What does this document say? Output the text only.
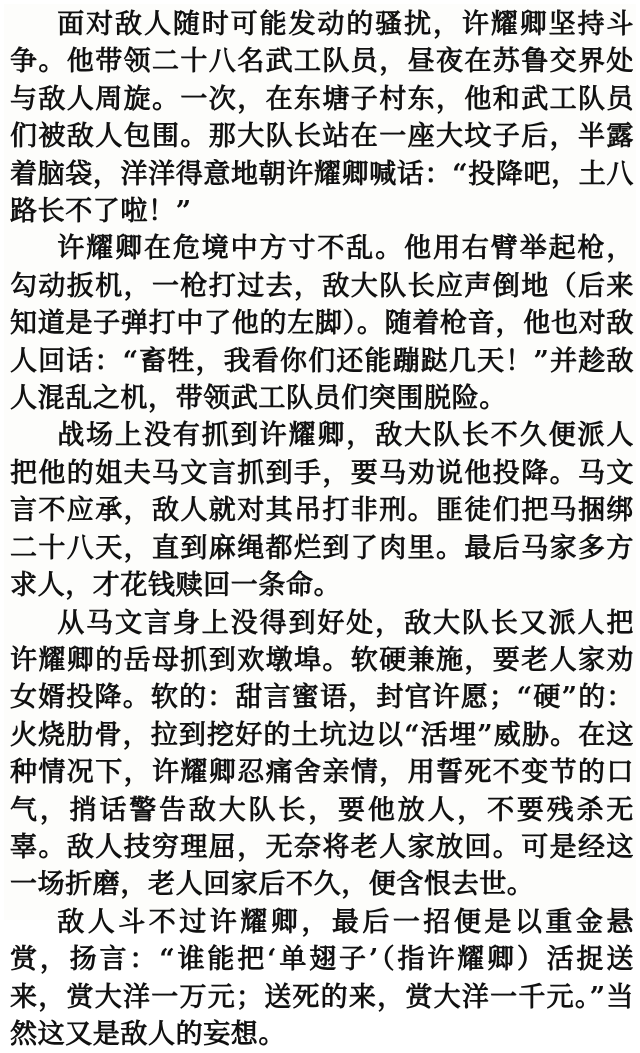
面对敌人随时可能发动的骚扰，许耀卿坚持斗争。他带领二十八名武工队员，昼夜在苏鲁交界处与敌人周旋。一次，在东塘子村东，他和武工队员们被敌人包围。那大队长站在一座大坟子后，半露着脑袋，洋洋得意地朝许耀卿喊话：“投降吧，土八路长不了啦！”

许耀卿在危境中方寸不乱。他用右臂举起枪，勾动扳机，一枪打过去，敌大队长应声倒地（后来知道是子弹打中了他的左脚）。随着枪音，他也对敌人回话：“畜牲，我看你们还能蹦跶几天！”并趁敌人混乱之机，带领武工队员们突围脱险。

战场上没有抓到许耀卿，敌大队长不久便派人把他的姐夫马文言抓到手，要马劝说他投降。马文言不应承，敌人就对其吊打非刑。匪徒们把马捆绑二十八天，直到麻绳都烂到了肉里。最后马家多方求人，才花钱赎回一条命。

从马文言身上没得到好处，敌大队长又派人把许耀卿的岳母抓到欢墩埠。软硬兼施，要老人家劝女婿投降。软的：甜言蜜语，封官许愿；“硬”的：火烧肋骨，拉到挖好的土坑边以“活埋”威胁。在这种情况下，许耀卿忍痛舍亲情，用誓死不变节的口气，捎话警告敌大队长，要他放人，不要残杀无辜。敌人技穷理屈，无奈将老人家放回。可是经这一场折磨，老人回家后不久，便含恨去世。

敌人斗不过许耀卿，最后一招便是以重金悬赏，扬言：“谁能把‘单翅子’（指许耀卿）活捉送来，赏大洋一万元；送死的来，赏大洋一千元。”当然这又是敌人的妄想。
